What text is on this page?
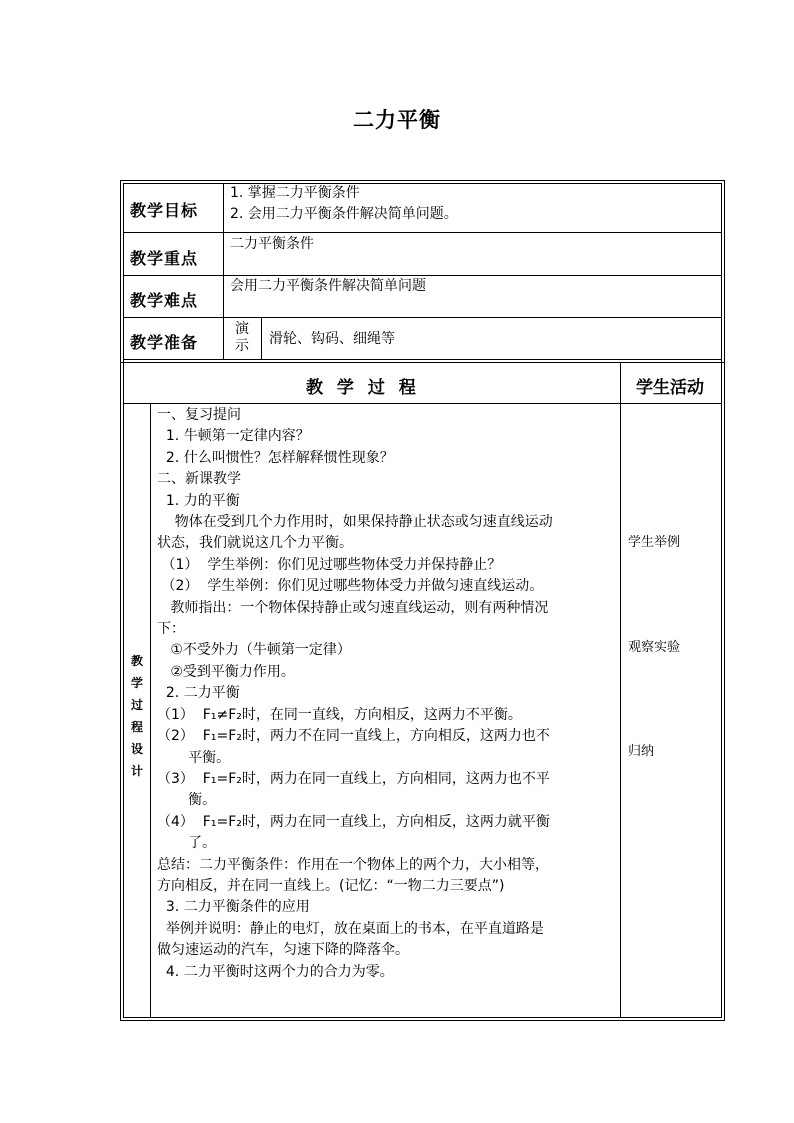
二力平衡
教学目标
1. 掌握二力平衡条件
2. 会用二力平衡条件解决简单问题。
教学重点
二力平衡条件
教学难点
会用二力平衡条件解决简单问题
教学准备
演
示	滑轮、钩码、细绳等
教 学 过 程	学生活动
教
学
过
程
设
计
一、复习提问
1. 牛顿第一定律内容？
2. 什么叫惯性？怎样解释惯性现象？
二、新课教学
1. 力的平衡
物体在受到几个力作用时，如果保持静止状态或匀速直线运动
状态，我们就说这几个力平衡。
（1）  学生举例：你们见过哪些物体受力并保持静止？
（2）  学生举例：你们见过哪些物体受力并做匀速直线运动。
教师指出：一个物体保持静止或匀速直线运动，则有两种情况
下：
①不受外力（牛顿第一定律）
②受到平衡力作用。
2. 二力平衡
（1）  F₁≠F₂时，在同一直线，方向相反，这两力不平衡。
（2）  F₁=F₂时，两力不在同一直线上，方向相反，这两力也不
平衡。
（3）  F₁=F₂时，两力在同一直线上，方向相同，这两力也不平
衡。
（4）  F₁=F₂时，两力在同一直线上，方向相反，这两力就平衡
了。
总结：二力平衡条件：作用在一个物体上的两个力，大小相等，
方向相反，并在同一直线上。(记忆：“一物二力三要点”)
3. 二力平衡条件的应用
举例并说明：静止的电灯，放在桌面上的书本，在平直道路是
做匀速运动的汽车，匀速下降的降落伞。
4. 二力平衡时这两个力的合力为零。
学生举例
观察实验
归纳
